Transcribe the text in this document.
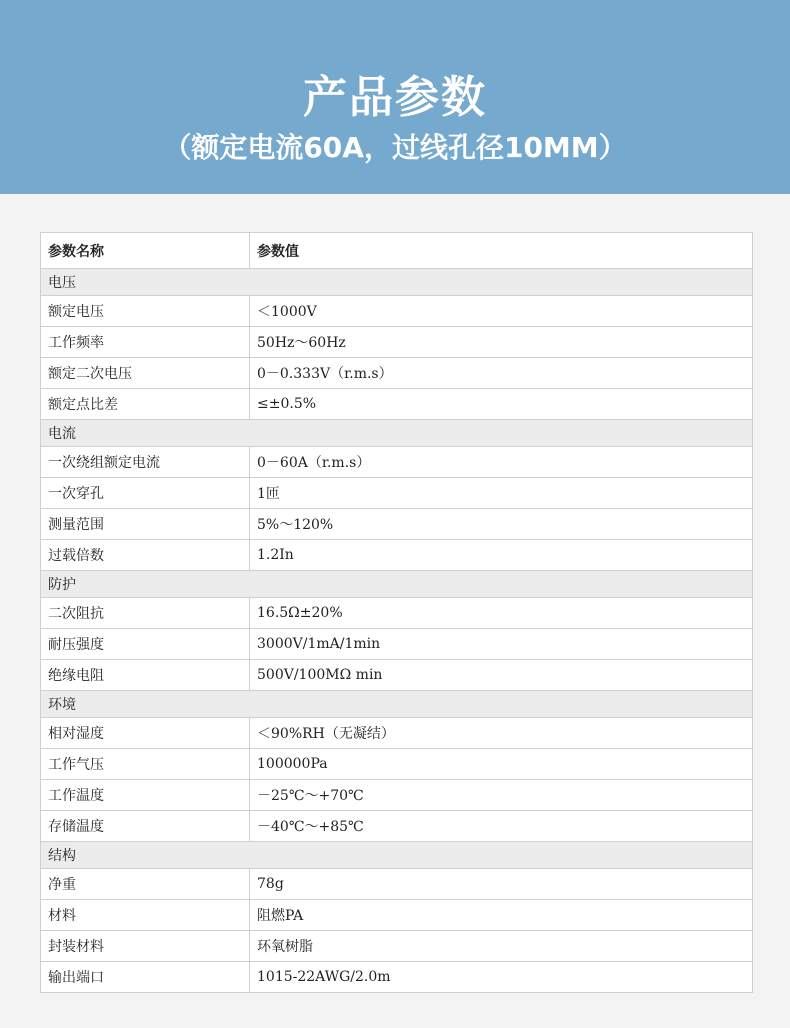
产品参数
（额定电流60A，过线孔径10MM）
参数名称	参数值
电压	
额定电压	＜1000V
工作频率	50Hz～60Hz
额定二次电压	0－0.333V（r.m.s）
额定点比差	≤±0.5%
电流	
一次绕组额定电流	0－60A（r.m.s）
一次穿孔	1匝
测量范围	5%～120%
过载倍数	1.2In
防护	
二次阻抗	16.5Ω±20%
耐压强度	3000V/1mA/1min
绝缘电阻	500V/100MΩ min
环境	
相对湿度	＜90%RH（无凝结）
工作气压	100000Pa
工作温度	－25℃～+70℃
存储温度	－40℃～+85℃
结构	
净重	78g
材料	阻燃PA
封装材料	环氧树脂
输出端口	1015-22AWG/2.0m
